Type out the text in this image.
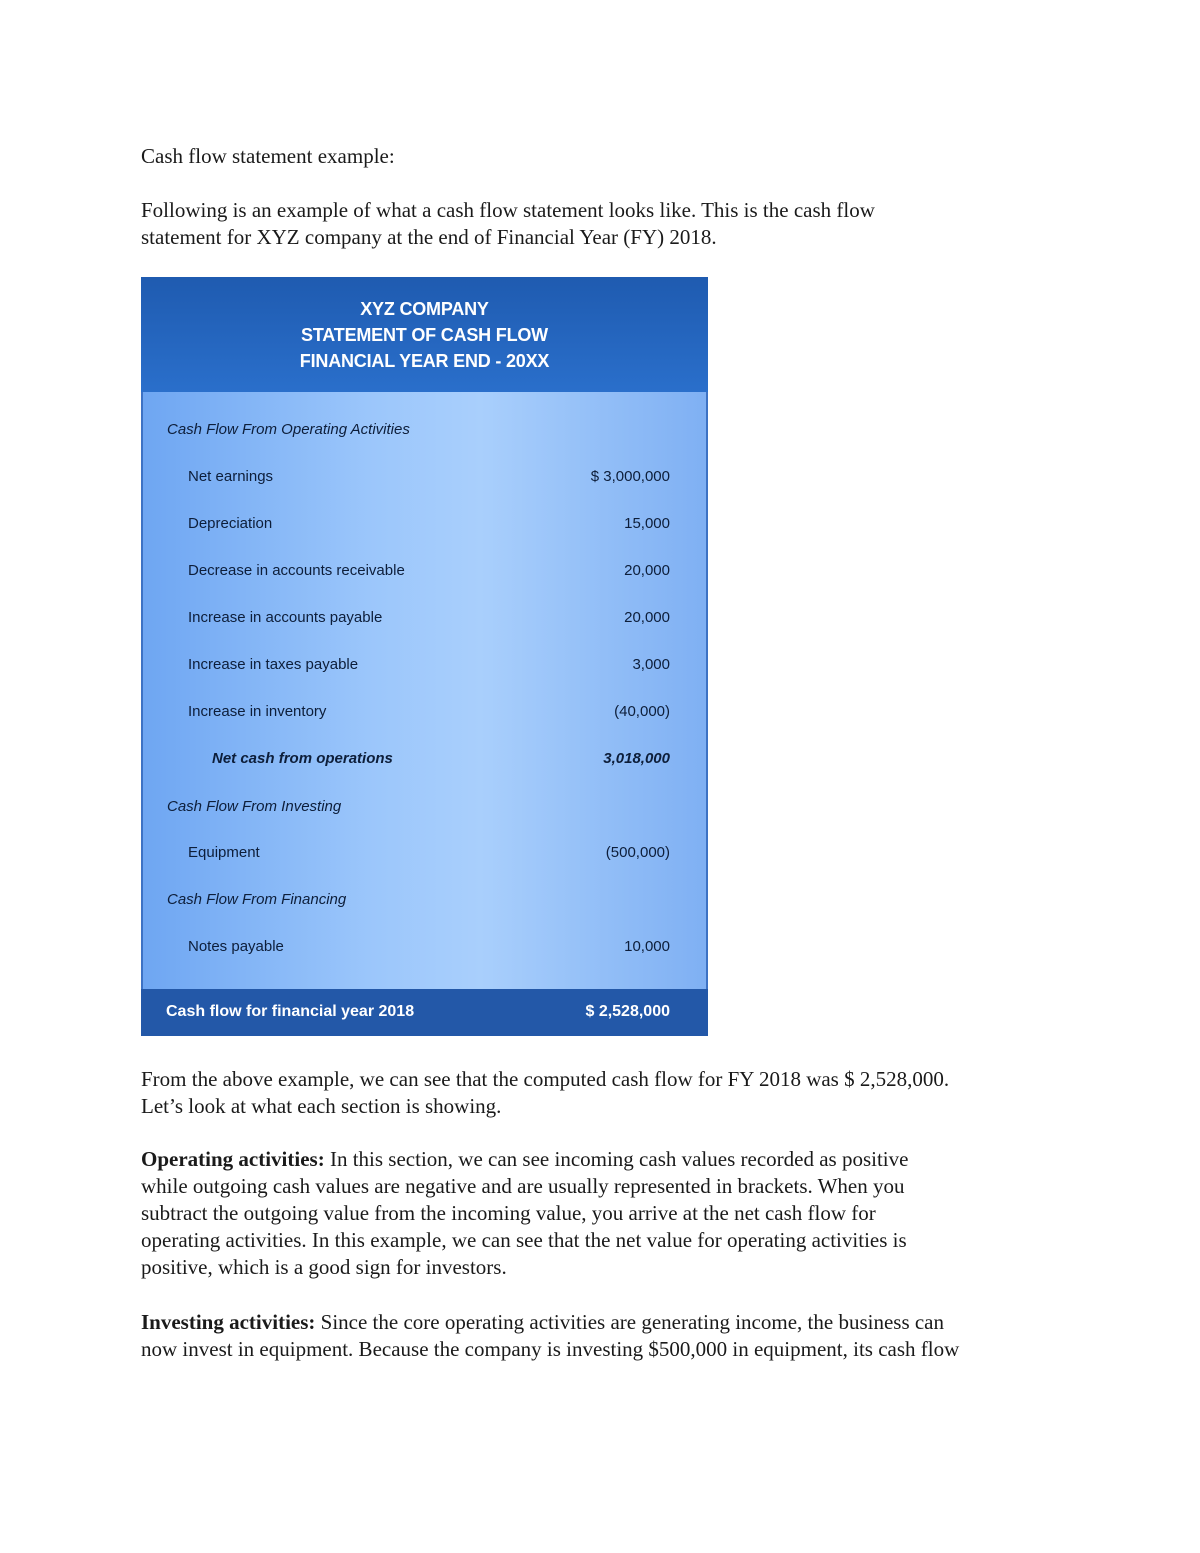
Cash flow statement example:

Following is an example of what a cash flow statement looks like. This is the cash flow

statement for XYZ company at the end of Financial Year (FY) 2018.

XYZ COMPANY
STATEMENT OF CASH FLOW
FINANCIAL YEAR END - 20XX
Cash Flow From Operating Activities
Net earnings	$ 3,000,000
Depreciation	15,000
Decrease in accounts receivable	20,000
Increase in accounts payable	20,000
Increase in taxes payable	3,000
Increase in inventory	(40,000)
Net cash from operations	3,018,000
Cash Flow From Investing
Equipment	(500,000)
Cash Flow From Financing
Notes payable	10,000
Cash flow for financial year 2018	$ 2,528,000

From the above example, we can see that the computed cash flow for FY 2018 was $ 2,528,000.

Let’s look at what each section is showing.

Operating activities: In this section, we can see incoming cash values recorded as positive

while outgoing cash values are negative and are usually represented in brackets. When you

subtract the outgoing value from the incoming value, you arrive at the net cash flow for

operating activities. In this example, we can see that the net value for operating activities is

positive, which is a good sign for investors.

Investing activities: Since the core operating activities are generating income, the business can

now invest in equipment. Because the company is investing $500,000 in equipment, its cash flow
